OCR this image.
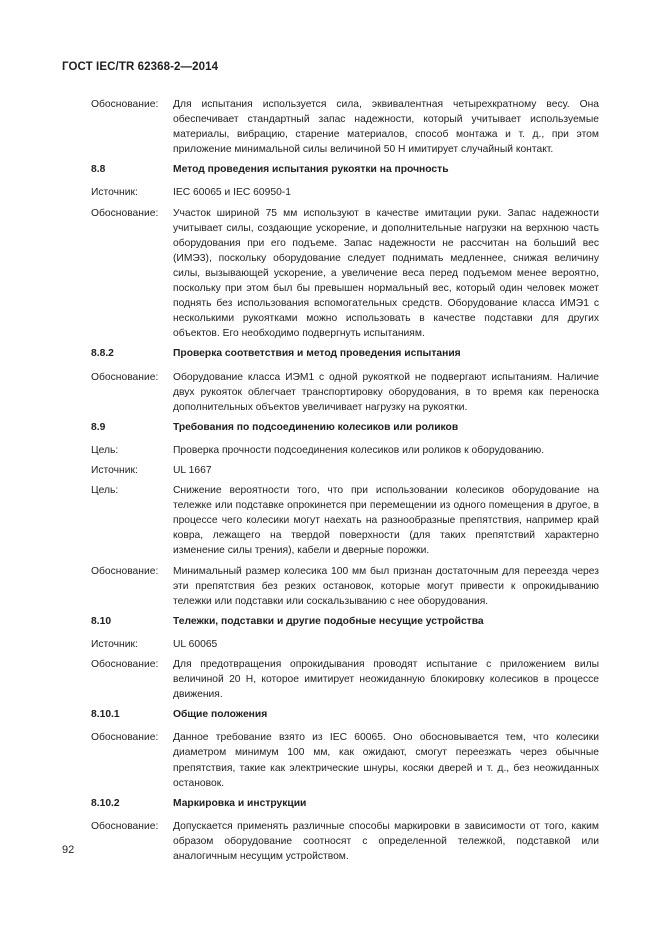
ГОСТ IEC/TR 62368-2—2014
Обоснование:	Для испытания используется сила, эквивалентная четырехкратному весу. Она обеспечивает стандартный запас надежности, который учитывает используемые материалы, вибрацию, старение материалов, способ монтажа и т. д., при этом приложение минимальной силы величиной 50 Н имитирует случайный контакт.
8.8	Метод проведения испытания рукоятки на прочность
Источник:	IEC 60065 и IEC 60950-1
Обоснование:	Участок шириной 75 мм используют в качестве имитации руки. Запас надежности учитывает силы, создающие ускорение, и дополнительные нагрузки на верхнюю часть оборудования при его подъеме. Запас надежности не рассчитан на больший вес (ИМЭ3), поскольку оборудование следует поднимать медленнее, снижая величину силы, вызывающей ускорение, а увеличение веса перед подъемом менее вероятно, поскольку при этом был бы превышен нормальный вес, который один человек может поднять без использования вспомогательных средств. Оборудование класса ИМЭ1 с несколькими рукоятками можно использовать в качестве подставки для других объектов. Его необходимо подвергнуть испытаниям.
8.8.2	Проверка соответствия и метод проведения испытания
Обоснование:	Оборудование класса ИЭМ1 с одной рукояткой не подвергают испытаниям. Наличие двух рукояток облегчает транспортировку оборудования, в то время как переноска дополнительных объектов увеличивает нагрузку на рукоятки.
8.9	Требования по подсоединению колесиков или роликов
Цель:	Проверка прочности подсоединения колесиков или роликов к оборудованию.
Источник:	UL 1667
Цель:	Снижение вероятности того, что при использовании колесиков оборудование на тележке или подставке опрокинется при перемещении из одного помещения в другое, в процессе чего колесики могут наехать на разнообразные препятствия, например край ковра, лежащего на твердой поверхности (для таких препятствий характерно изменение силы трения), кабели и дверные порожки.
Обоснование:	Минимальный размер колесика 100 мм был признан достаточным для переезда через эти препятствия без резких остановок, которые могут привести к опрокидыванию тележки или подставки или соскальзыванию с нее оборудования.
8.10	Тележки, подставки и другие подобные несущие устройства
Источник:	UL 60065
Обоснование:	Для предотвращения опрокидывания проводят испытание с приложением вилы величиной 20 Н, которое имитирует неожиданную блокировку колесиков в процессе движения.
8.10.1	Общие положения
Обоснование:	Данное требование взято из IEC 60065. Оно обосновывается тем, что колесики диаметром минимум 100 мм, как ожидают, смогут переезжать через обычные препятствия, такие как электрические шнуры, косяки дверей и т. д., без неожиданных остановок.
8.10.2	Маркировка и инструкции
Обоснование:	Допускается применять различные способы маркировки в зависимости от того, каким образом оборудование соотносят с определенной тележкой, подставкой или аналогичным несущим устройством.
92
